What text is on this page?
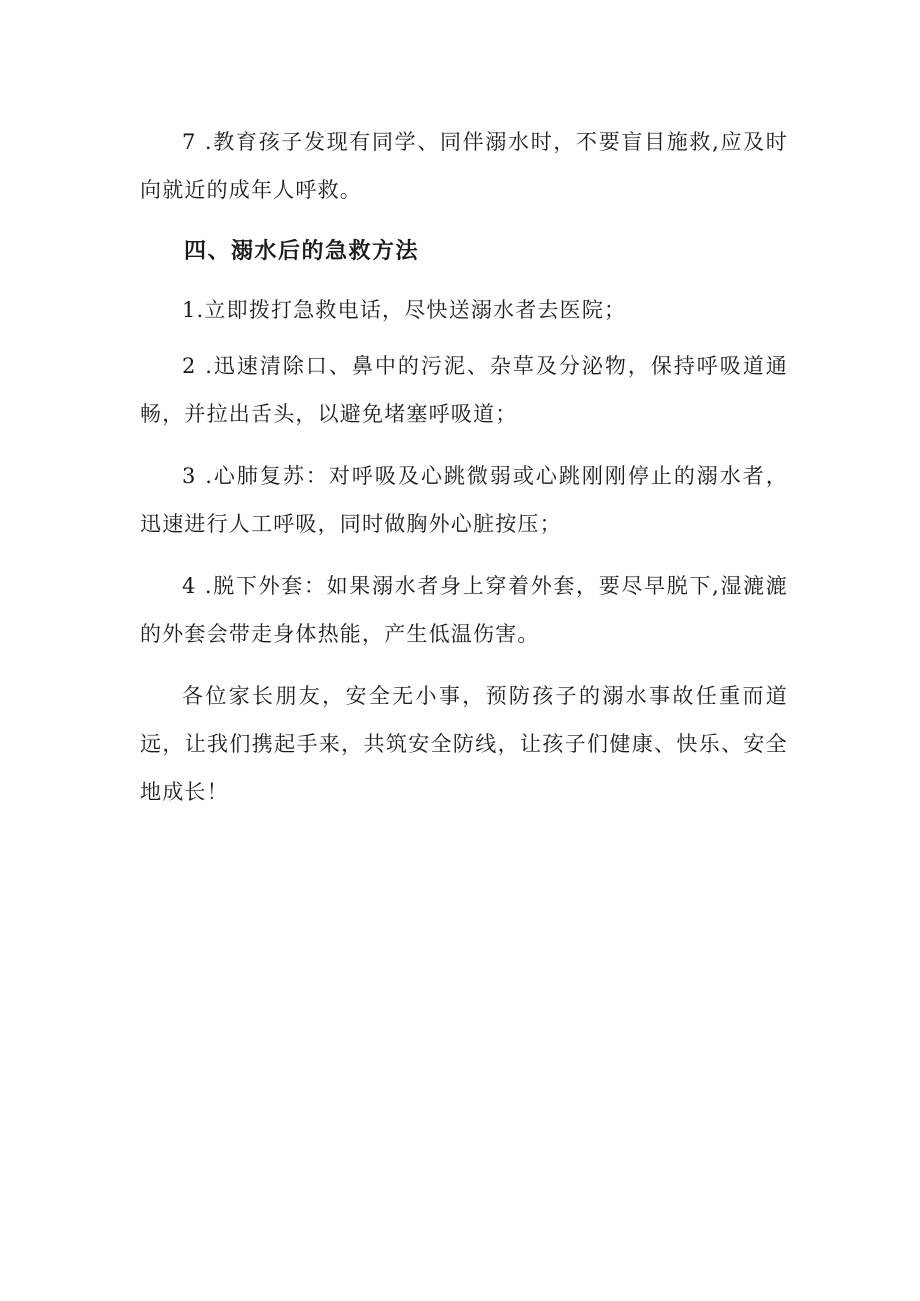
7 .教育孩子发现有同学、同伴溺水时，不要盲目施救,应及时向就近的成年人呼救。

四、溺水后的急救方法

1.立即拨打急救电话，尽快送溺水者去医院；

2 .迅速清除口、鼻中的污泥、杂草及分泌物，保持呼吸道通畅，并拉出舌头，以避免堵塞呼吸道；

3 .心肺复苏：对呼吸及心跳微弱或心跳刚刚停止的溺水者，迅速进行人工呼吸，同时做胸外心脏按压；

4 .脱下外套：如果溺水者身上穿着外套，要尽早脱下,湿漉漉的外套会带走身体热能，产生低温伤害。

各位家长朋友，安全无小事，预防孩子的溺水事故任重而道远，让我们携起手来，共筑安全防线，让孩子们健康、快乐、安全地成长！
